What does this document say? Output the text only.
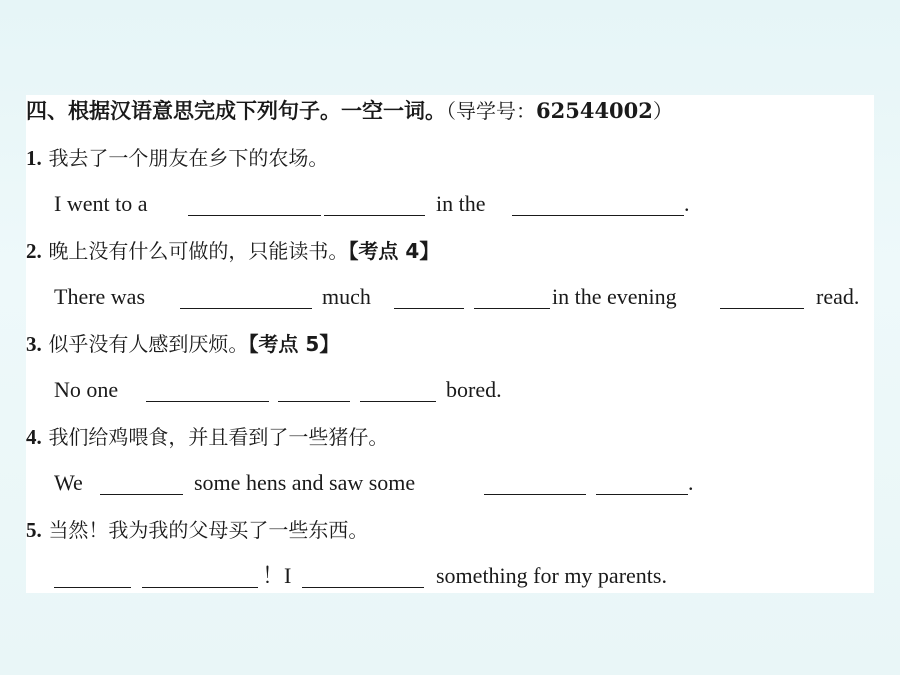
四、根据汉语意思完成下列句子。一空一词。（导学号：62544002）
1. 我去了一个朋友在乡下的农场。
I went to a	in the	.
2. 晚上没有什么可做的，只能读书。【考点 4】
There was	much	in the evening	read.
3. 似乎没有人感到厌烦。【考点 5】
No one	bored.
4. 我们给鸡喂食，并且看到了一些猪仔。
We	some hens and saw some	.
5. 当然！我为我的父母买了一些东西。
！I	something for my parents.
